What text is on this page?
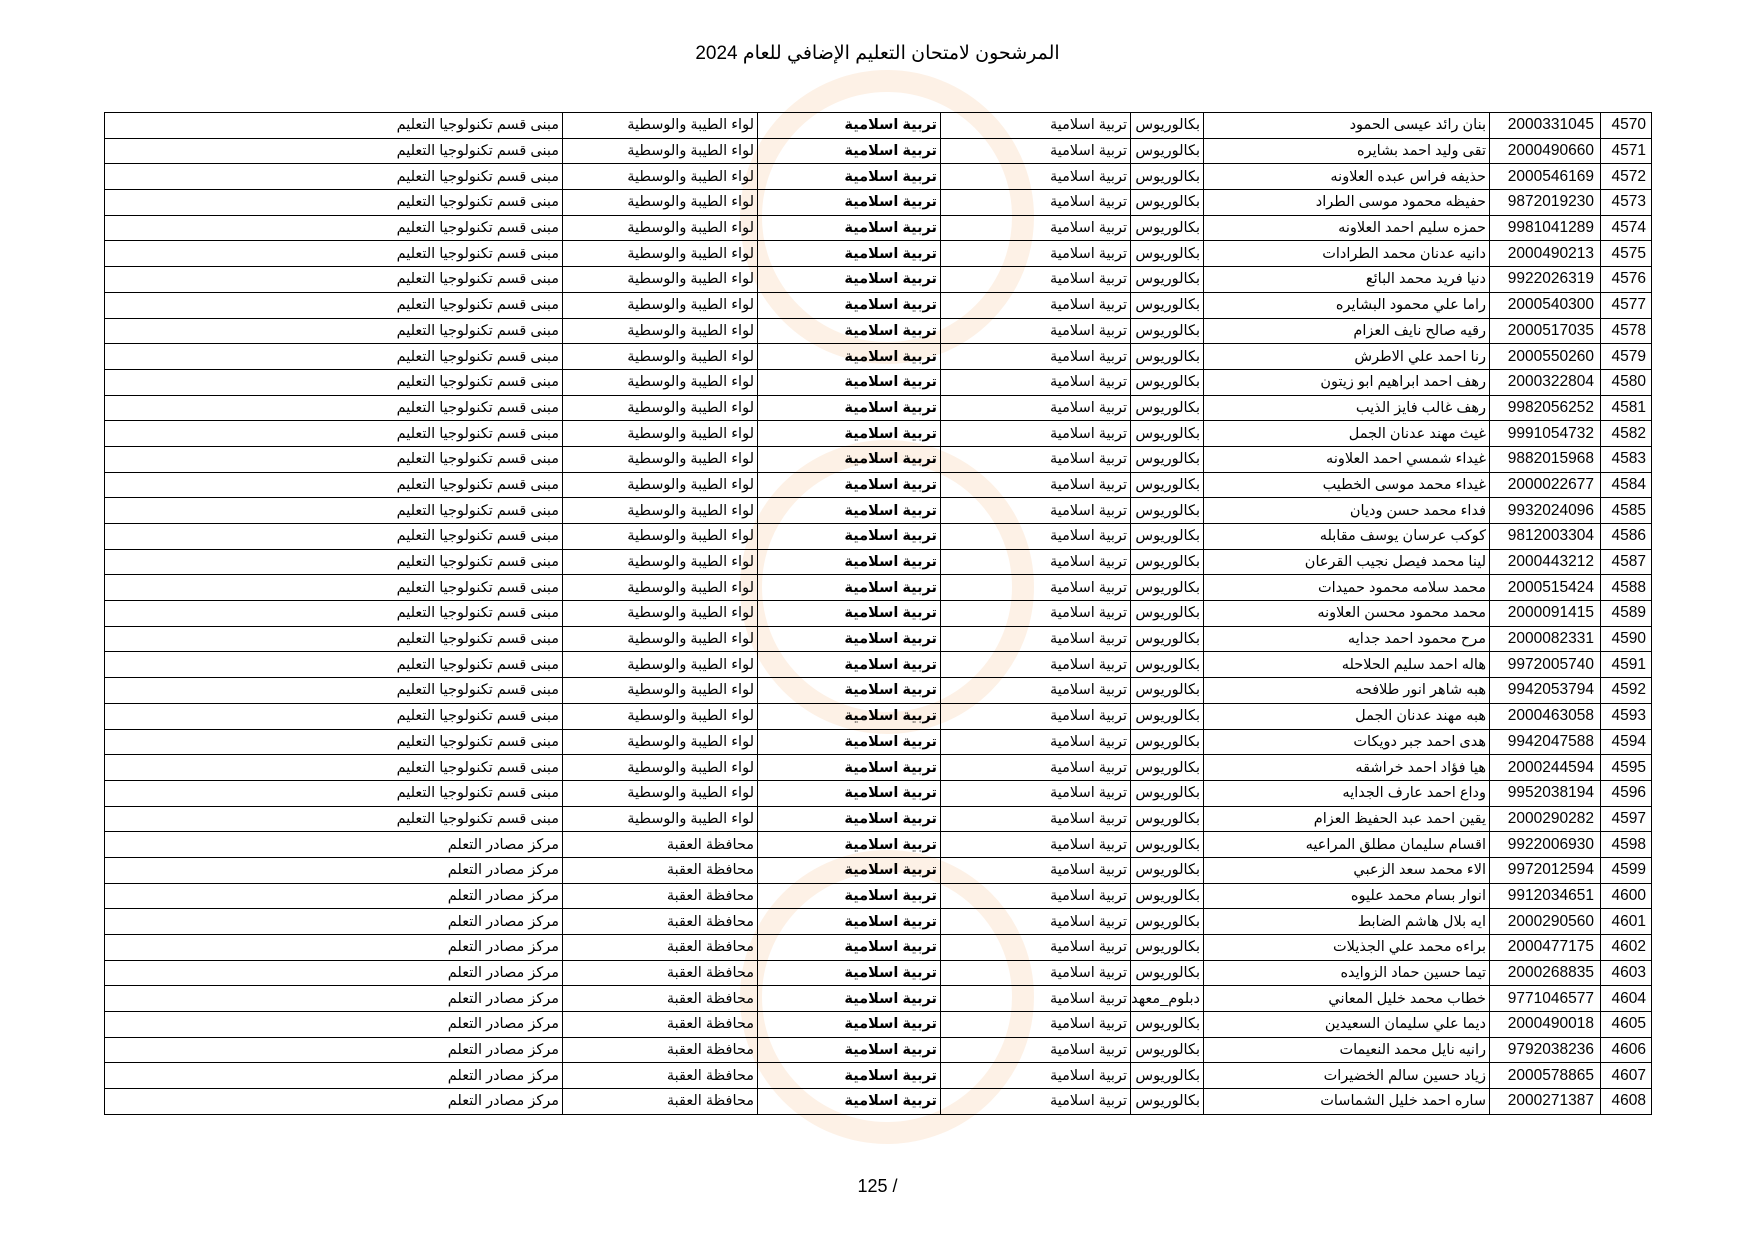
المرشحون لامتحان التعليم الإضافي للعام 2024
4570	2000331045	بنان رائد عيسى الحمود	بكالوريوس	تربية اسلامية	تربية اسلامية	لواء الطيبة والوسطية	مبنى قسم تكنولوجيا التعليم
4571	2000490660	تقى وليد احمد بشايره	بكالوريوس	تربية اسلامية	تربية اسلامية	لواء الطيبة والوسطية	مبنى قسم تكنولوجيا التعليم
4572	2000546169	حذيفه فراس عبده العلاونه	بكالوريوس	تربية اسلامية	تربية اسلامية	لواء الطيبة والوسطية	مبنى قسم تكنولوجيا التعليم
4573	9872019230	حفيظه محمود موسى الطراد	بكالوريوس	تربية اسلامية	تربية اسلامية	لواء الطيبة والوسطية	مبنى قسم تكنولوجيا التعليم
4574	9981041289	حمزه سليم احمد العلاونه	بكالوريوس	تربية اسلامية	تربية اسلامية	لواء الطيبة والوسطية	مبنى قسم تكنولوجيا التعليم
4575	2000490213	دانيه عدنان محمد الطرادات	بكالوريوس	تربية اسلامية	تربية اسلامية	لواء الطيبة والوسطية	مبنى قسم تكنولوجيا التعليم
4576	9922026319	دنيا فريد محمد البائع	بكالوريوس	تربية اسلامية	تربية اسلامية	لواء الطيبة والوسطية	مبنى قسم تكنولوجيا التعليم
4577	2000540300	راما علي محمود البشايره	بكالوريوس	تربية اسلامية	تربية اسلامية	لواء الطيبة والوسطية	مبنى قسم تكنولوجيا التعليم
4578	2000517035	رقيه صالح نايف العزام	بكالوريوس	تربية اسلامية	تربية اسلامية	لواء الطيبة والوسطية	مبنى قسم تكنولوجيا التعليم
4579	2000550260	رنا احمد علي الاطرش	بكالوريوس	تربية اسلامية	تربية اسلامية	لواء الطيبة والوسطية	مبنى قسم تكنولوجيا التعليم
4580	2000322804	رهف احمد ابراهيم ابو زيتون	بكالوريوس	تربية اسلامية	تربية اسلامية	لواء الطيبة والوسطية	مبنى قسم تكنولوجيا التعليم
4581	9982056252	رهف غالب فايز الذيب	بكالوريوس	تربية اسلامية	تربية اسلامية	لواء الطيبة والوسطية	مبنى قسم تكنولوجيا التعليم
4582	9991054732	غيث مهند عدنان الجمل	بكالوريوس	تربية اسلامية	تربية اسلامية	لواء الطيبة والوسطية	مبنى قسم تكنولوجيا التعليم
4583	9882015968	غيداء شمسي احمد العلاونه	بكالوريوس	تربية اسلامية	تربية اسلامية	لواء الطيبة والوسطية	مبنى قسم تكنولوجيا التعليم
4584	2000022677	غيداء محمد موسى الخطيب	بكالوريوس	تربية اسلامية	تربية اسلامية	لواء الطيبة والوسطية	مبنى قسم تكنولوجيا التعليم
4585	9932024096	فداء محمد حسن وديان	بكالوريوس	تربية اسلامية	تربية اسلامية	لواء الطيبة والوسطية	مبنى قسم تكنولوجيا التعليم
4586	9812003304	كوكب عرسان يوسف مقابله	بكالوريوس	تربية اسلامية	تربية اسلامية	لواء الطيبة والوسطية	مبنى قسم تكنولوجيا التعليم
4587	2000443212	لينا محمد فيصل نجيب القرعان	بكالوريوس	تربية اسلامية	تربية اسلامية	لواء الطيبة والوسطية	مبنى قسم تكنولوجيا التعليم
4588	2000515424	محمد سلامه محمود حميدات	بكالوريوس	تربية اسلامية	تربية اسلامية	لواء الطيبة والوسطية	مبنى قسم تكنولوجيا التعليم
4589	2000091415	محمد محمود محسن العلاونه	بكالوريوس	تربية اسلامية	تربية اسلامية	لواء الطيبة والوسطية	مبنى قسم تكنولوجيا التعليم
4590	2000082331	مرح محمود احمد جدايه	بكالوريوس	تربية اسلامية	تربية اسلامية	لواء الطيبة والوسطية	مبنى قسم تكنولوجيا التعليم
4591	9972005740	هاله احمد سليم الحلاحله	بكالوريوس	تربية اسلامية	تربية اسلامية	لواء الطيبة والوسطية	مبنى قسم تكنولوجيا التعليم
4592	9942053794	هبه شاهر انور طلافحه	بكالوريوس	تربية اسلامية	تربية اسلامية	لواء الطيبة والوسطية	مبنى قسم تكنولوجيا التعليم
4593	2000463058	هبه مهند عدنان الجمل	بكالوريوس	تربية اسلامية	تربية اسلامية	لواء الطيبة والوسطية	مبنى قسم تكنولوجيا التعليم
4594	9942047588	هدى احمد جبر دويكات	بكالوريوس	تربية اسلامية	تربية اسلامية	لواء الطيبة والوسطية	مبنى قسم تكنولوجيا التعليم
4595	2000244594	هيا فؤاد احمد خراشقه	بكالوريوس	تربية اسلامية	تربية اسلامية	لواء الطيبة والوسطية	مبنى قسم تكنولوجيا التعليم
4596	9952038194	وداع احمد عارف الجدايه	بكالوريوس	تربية اسلامية	تربية اسلامية	لواء الطيبة والوسطية	مبنى قسم تكنولوجيا التعليم
4597	2000290282	يقين احمد عبد الحفيظ العزام	بكالوريوس	تربية اسلامية	تربية اسلامية	لواء الطيبة والوسطية	مبنى قسم تكنولوجيا التعليم
4598	9922006930	اقسام سليمان مطلق المراعيه	بكالوريوس	تربية اسلامية	تربية اسلامية	محافظة العقبة	مركز مصادر التعلم
4599	9972012594	الاء محمد سعد الزعبي	بكالوريوس	تربية اسلامية	تربية اسلامية	محافظة العقبة	مركز مصادر التعلم
4600	9912034651	انوار بسام محمد عليوه	بكالوريوس	تربية اسلامية	تربية اسلامية	محافظة العقبة	مركز مصادر التعلم
4601	2000290560	ايه بلال هاشم الضابط	بكالوريوس	تربية اسلامية	تربية اسلامية	محافظة العقبة	مركز مصادر التعلم
4602	2000477175	براءه محمد علي الجذيلات	بكالوريوس	تربية اسلامية	تربية اسلامية	محافظة العقبة	مركز مصادر التعلم
4603	2000268835	تيما حسين حماد الزوايده	بكالوريوس	تربية اسلامية	تربية اسلامية	محافظة العقبة	مركز مصادر التعلم
4604	9771046577	خطاب محمد خليل المعاني	دبلوم_معهد	تربية اسلامية	تربية اسلامية	محافظة العقبة	مركز مصادر التعلم
4605	2000490018	ديما علي سليمان السعيدين	بكالوريوس	تربية اسلامية	تربية اسلامية	محافظة العقبة	مركز مصادر التعلم
4606	9792038236	رانيه نايل محمد النعيمات	بكالوريوس	تربية اسلامية	تربية اسلامية	محافظة العقبة	مركز مصادر التعلم
4607	2000578865	زياد حسين سالم الخضيرات	بكالوريوس	تربية اسلامية	تربية اسلامية	محافظة العقبة	مركز مصادر التعلم
4608	2000271387	ساره احمد خليل الشماسات	بكالوريوس	تربية اسلامية	تربية اسلامية	محافظة العقبة	مركز مصادر التعلم
125 /
